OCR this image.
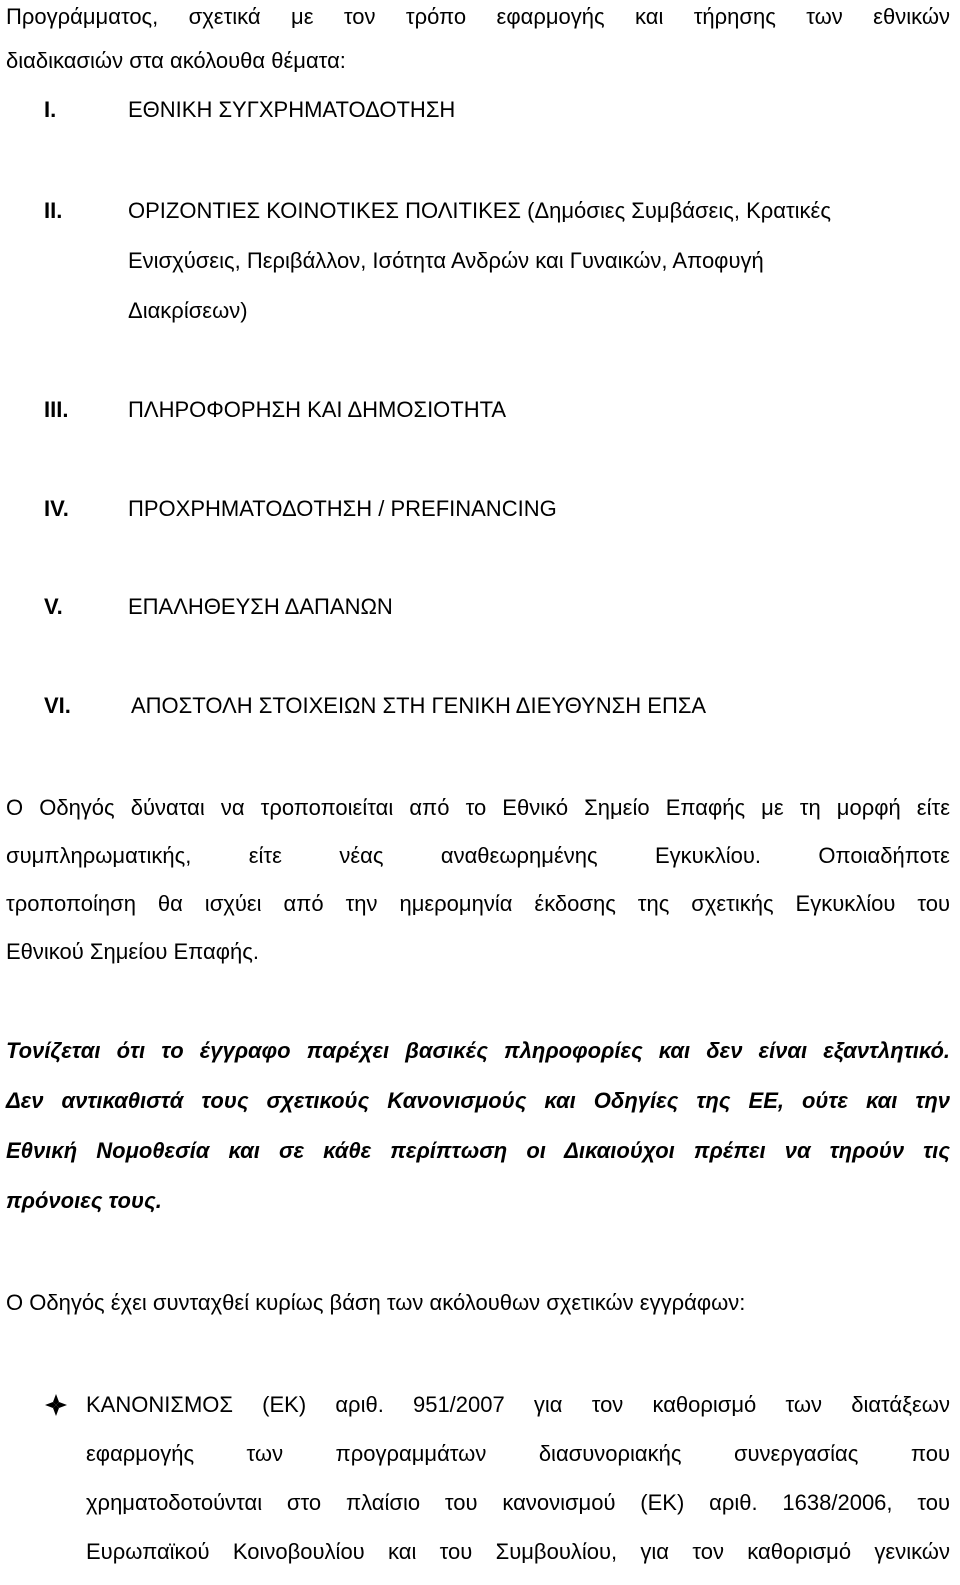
Προγράμματος, σχετικά με τον τρόπο εφαρμογής και τήρησης των εθνικών
διαδικασιών στα ακόλουθα θέματα:
I.	ΕΘΝΙΚΗ ΣΥΓΧΡΗΜΑΤΟΔΟΤΗΣΗ
II.	ΟΡΙΖΟΝΤΙΕΣ ΚΟΙΝΟΤΙΚΕΣ ΠΟΛΙΤΙΚΕΣ (Δημόσιες Συμβάσεις, Κρατικές
Ενισχύσεις, Περιβάλλον, Ισότητα Ανδρών και Γυναικών, Αποφυγή
Διακρίσεων)
III.	ΠΛΗΡΟΦΟΡΗΣΗ ΚΑΙ ΔΗΜΟΣΙΟΤΗΤΑ
IV.	ΠΡΟΧΡΗΜΑΤΟΔΟΤΗΣΗ / PREFINANCING
V.	ΕΠΑΛΗΘΕΥΣΗ ΔΑΠΑΝΩΝ
VI.	ΑΠΟΣΤΟΛΗ ΣΤΟΙΧΕΙΩΝ ΣΤΗ ΓΕΝΙΚΗ ΔΙΕΥΘΥΝΣΗ ΕΠΣΑ
Ο Οδηγός δύναται να τροποποιείται από το Εθνικό Σημείο Επαφής με τη μορφή είτε
συμπληρωματικής, είτε νέας αναθεωρημένης Εγκυκλίου. Οποιαδήποτε
τροποποίηση θα ισχύει από την ημερομηνία έκδοσης της σχετικής Εγκυκλίου του
Εθνικού Σημείου Επαφής.
Τονίζεται ότι το έγγραφο παρέχει βασικές πληροφορίες και δεν είναι εξαντλητικό.
Δεν αντικαθιστά τους σχετικούς Κανονισμούς και Οδηγίες της ΕΕ, ούτε και την
Εθνική Νομοθεσία και σε κάθε περίπτωση οι Δικαιούχοι πρέπει να τηρούν τις
πρόνοιες τους.
Ο Οδηγός έχει συνταχθεί κυρίως βάση των ακόλουθων σχετικών εγγράφων:
ΚΑΝΟΝΙΣΜΟΣ (ΕΚ) αριθ. 951/2007 για τον καθορισμό των διατάξεων
εφαρμογής των προγραμμάτων διασυνοριακής συνεργασίας που
χρηματοδοτούνται στο πλαίσιο του κανονισμού (ΕΚ) αριθ. 1638/2006, του
Ευρωπαϊκού Κοινοβουλίου και του Συμβουλίου, για τον καθορισμό γενικών
